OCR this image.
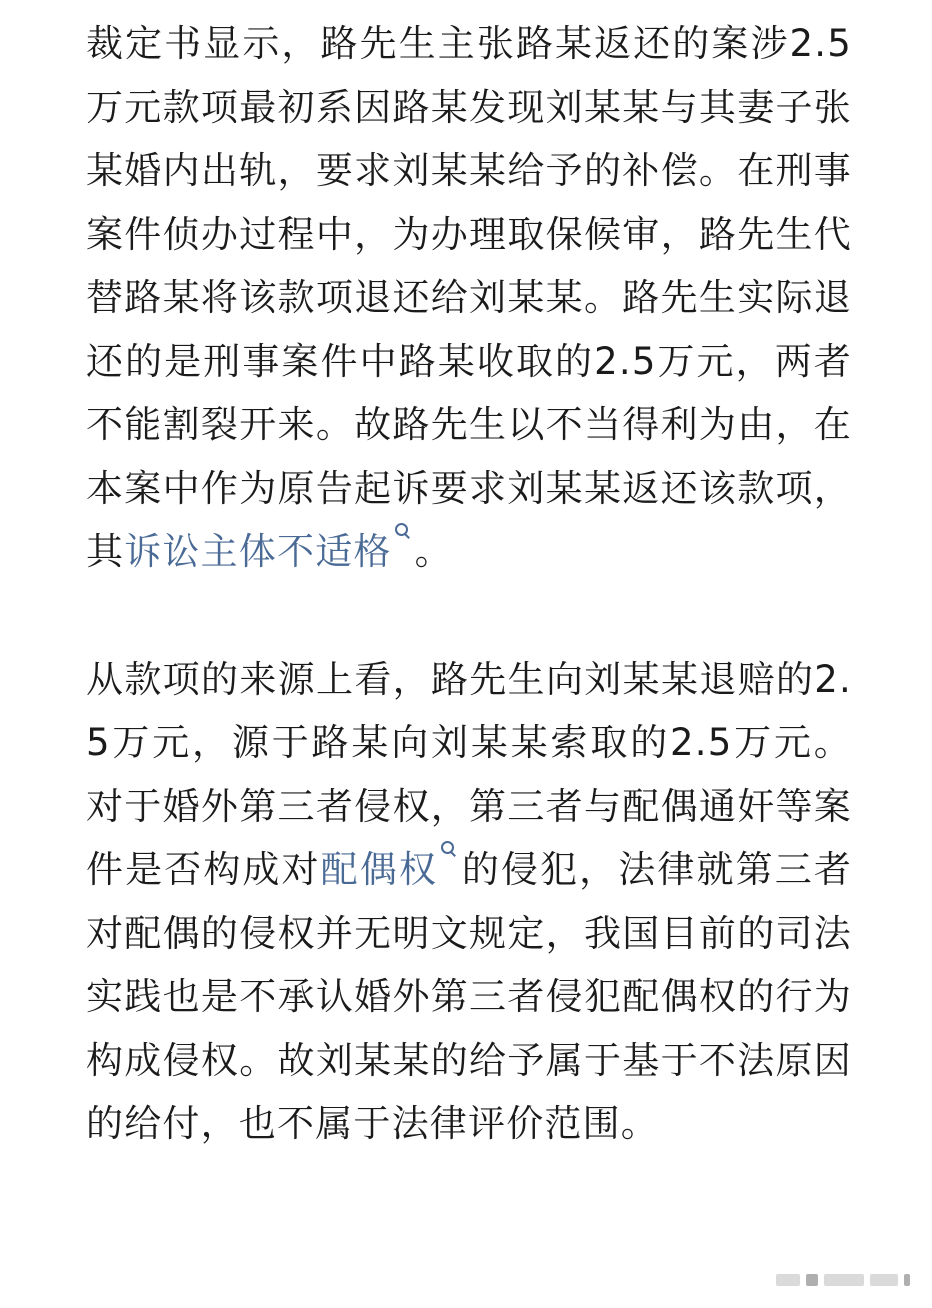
裁定书显示，路先生主张路某返还的案涉2.5万元款项最初系因路某发现刘某某与其妻子张某婚内出轨，要求刘某某给予的补偿。在刑事案件侦办过程中，为办理取保候审，路先生代替路某将该款项退还给刘某某。路先生实际退还的是刑事案件中路某收取的2.5万元，两者不能割裂开来。故路先生以不当得利为由，在本案中作为原告起诉要求刘某某返还该款项，其诉讼主体不适格 。

从款项的来源上看，路先生向刘某某退赔的2.5万元，源于路某向刘某某索取的2.5万元。对于婚外第三者侵权，第三者与配偶通奸等案件是否构成对配偶权 的侵犯，法律就第三者对配偶的侵权并无明文规定，我国目前的司法实践也是不承认婚外第三者侵犯配偶权的行为构成侵权。故刘某某的给予属于基于不法原因的给付，也不属于法律评价范围。
